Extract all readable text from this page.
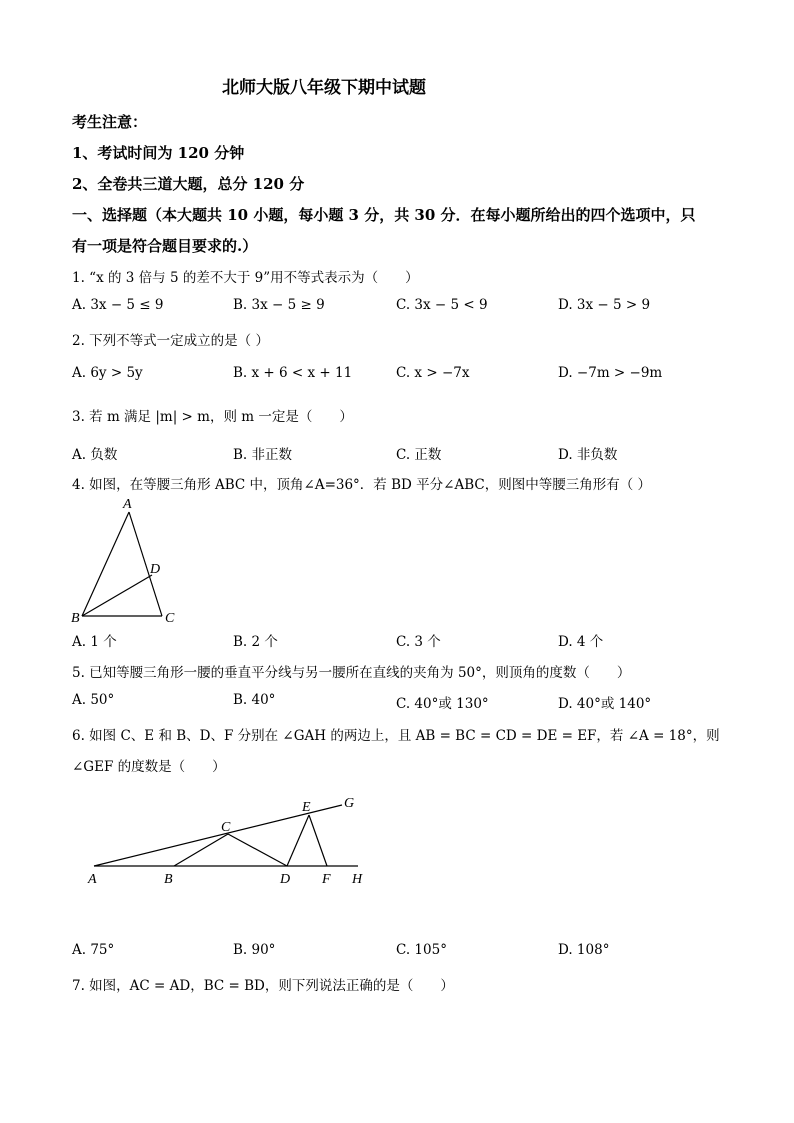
北师大版八年级下期中试题
考生注意：
1、考试时间为 120 分钟
2、全卷共三道大题，总分 120 分
一、选择题（本大题共 10 小题，每小题 3 分，共 30 分．在每小题所给出的四个选项中，只
有一项是符合题目要求的.）
1. “x 的 3 倍与 5 的差不大于 9”用不等式表示为（　　）
A. 3x − 5 ≤ 9	B. 3x − 5 ≥ 9	C. 3x − 5 < 9	D. 3x − 5 > 9
2. 下列不等式一定成立的是（ ）
A. 6y > 5y	B. x + 6 < x + 11	C. x > −7x	D. −7m > −9m
3. 若 m 满足 |m| > m，则 m 一定是（　　）
A. 负数	B. 非正数	C. 正数	D. 非负数
4. 如图，在等腰三角形 ABC 中，顶角∠A=36°．若 BD 平分∠ABC，则图中等腰三角形有（ ）
A
D
B	C
A. 1 个	B. 2 个	C. 3 个	D. 4 个
5. 已知等腰三角形一腰的垂直平分线与另一腰所在直线的夹角为 50°，则顶角的度数（　　）
A. 50°	B. 40°	C. 40°或 130°	D. 40°或 140°
6. 如图 C、E 和 B、D、F 分别在 ∠GAH 的两边上，且 AB = BC = CD = DE = EF，若 ∠A = 18°，则
∠GEF 的度数是（　　）
E G
C
A	B	D F H
A. 75°	B. 90°	C. 105°	D. 108°
7. 如图，AC = AD，BC = BD，则下列说法正确的是（　　）
